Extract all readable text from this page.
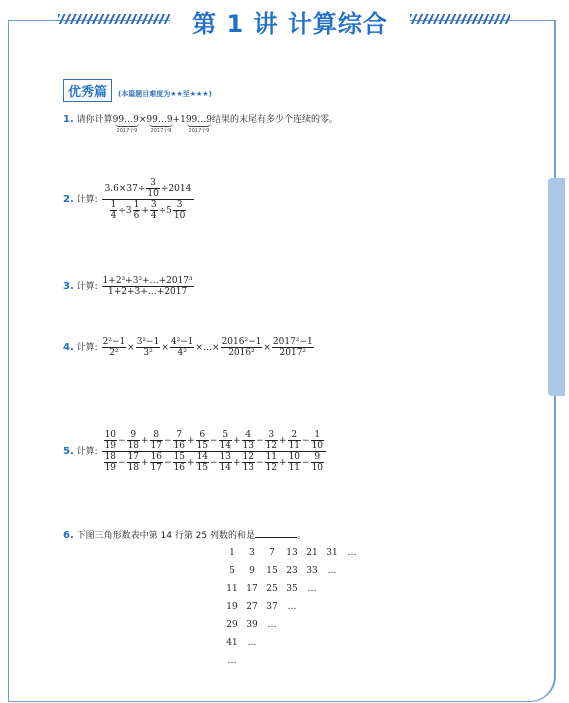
第 1 讲 计算综合
优秀篇	(本篇题目难度为★★至★★★)
1. 请你计算99…9×99…9+199…9结果的末尾有多少个连续的零。
2017个9	2017个9	2017个9
2. 计算: $\frac{3.6\times 37\div \frac{3}{10} \div 2014}{\frac{1}{4} \div 3 \frac{1}{6} + \frac{3}{4} \div 5 \frac{3}{10}}$
3. 计算: $\frac{\text{1+2³+3³+…+2017³}}{1+2+3+\dots+2017}$
4. 计算: $\frac{\text{2²−1}}{\text{2²}} \times \frac{\text{3²−1}}{\text{3²}} \times \frac{\text{4²−1}}{\text{4²}}$ ×…× $\frac{\text{2016²−1}}{\text{2016²}} \times \frac{\text{2017²−1}}{\text{2017²}}$
5. 计算: $\frac{\frac{10}{19} - \frac{9}{18} + \frac{8}{17} - \frac{7}{16} + \frac{6}{15} - \frac{5}{14} + \frac{4}{13} - \frac{3}{12} + \frac{2}{11} - \frac{1}{10}}{\frac{18}{19} - \frac{17}{18} + \frac{16}{17} - \frac{15}{16} + \frac{14}{15} - \frac{13}{14} + \frac{12}{13} - \frac{11}{12} + \frac{10}{11} - \frac{9}{10}}$
6. 下图三角形数表中第 14 行第 25 列数的和是	。
1 3 7 13 21 31 …
5 9 15 23 33 …
11 17 25 35 …
19 27 37 …
29 39 …
41 …
…
